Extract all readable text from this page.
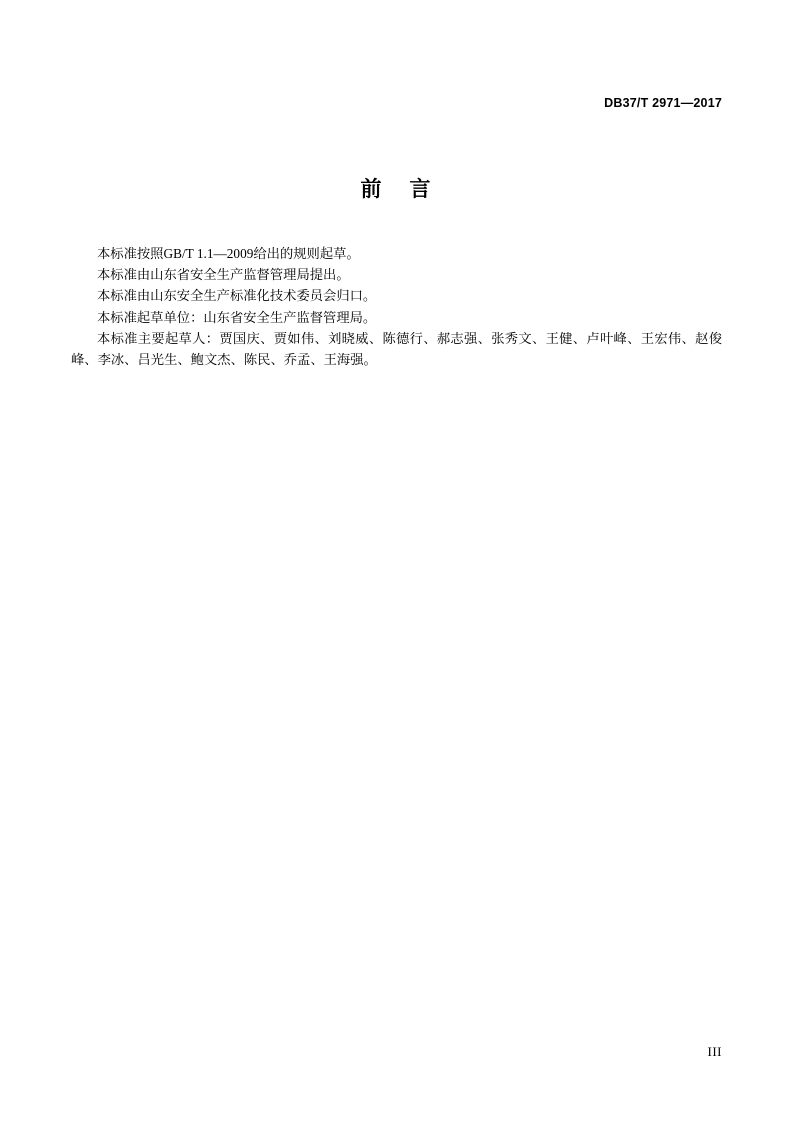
DB37/T 2971—2017
前 言

本标准按照GB/T 1.1—2009给出的规则起草。

本标准由山东省安全生产监督管理局提出。

本标准由山东安全生产标准化技术委员会归口。

本标准起草单位：山东省安全生产监督管理局。

本标准主要起草人：贾国庆、贾如伟、刘晓威、陈德行、郝志强、张秀文、王健、卢叶峰、王宏伟、赵俊峰、李冰、吕光生、鲍文杰、陈民、乔孟、王海强。

III
